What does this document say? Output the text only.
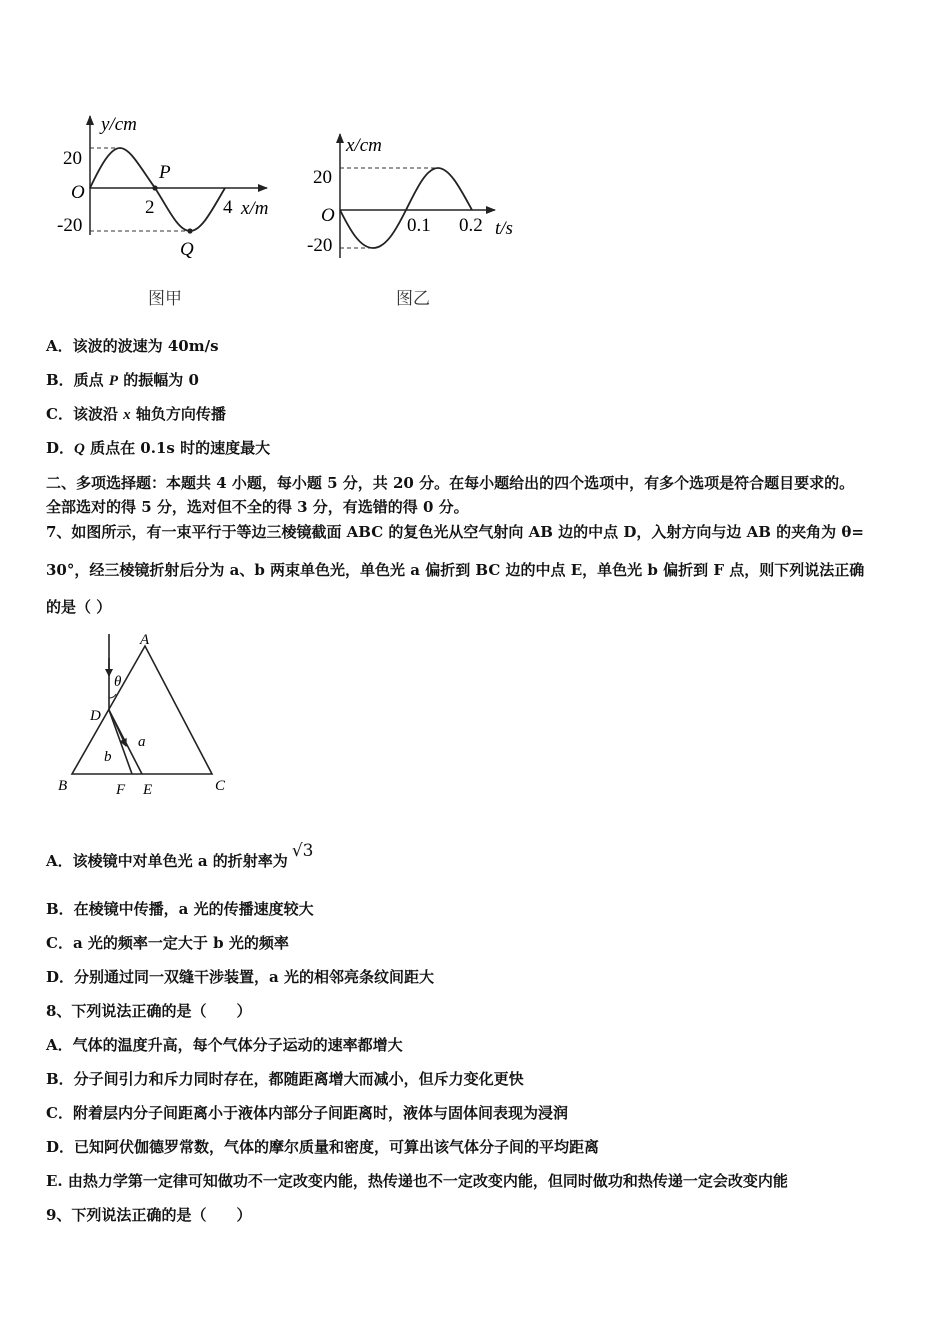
y/cm
20
O
-20
2	4 x/m
P
Q
图甲
x/cm
20
O
-20
0.1 0.2 t/s
图乙
A．该波的波速为 40m/s
B．质点 P 的振幅为 0
C．该波沿 x 轴负方向传播
D．Q 质点在 0.1s 时的速度最大
二、多项选择题：本题共 4 小题，每小题 5 分，共 20 分。在每小题给出的四个选项中，有多个选项是符合题目要求的。
全部选对的得 5 分，选对但不全的得 3 分，有选错的得 0 分。
7、如图所示，有一束平行于等边三棱镜截面 ABC 的复色光从空气射向 AB 边的中点 D，入射方向与边 AB 的夹角为 θ=
30°，经三棱镜折射后分为 a、b 两束单色光，单色光 a 偏折到 BC 边的中点 E，单色光 b 偏折到 F 点，则下列说法正确
的是（ ）
A
B	C
D
E
F
θ
a
b
A．该棱镜中对单色光 a 的折射率为 √3
B．在棱镜中传播，a 光的传播速度较大
C．a 光的频率一定大于 b 光的频率
D．分别通过同一双缝干涉装置，a 光的相邻亮条纹间距大
8、下列说法正确的是（　　）
A．气体的温度升高，每个气体分子运动的速率都增大
B．分子间引力和斥力同时存在，都随距离增大而减小，但斥力变化更快
C．附着层内分子间距离小于液体内部分子间距离时，液体与固体间表现为浸润
D．已知阿伏伽德罗常数，气体的摩尔质量和密度，可算出该气体分子间的平均距离
E. 由热力学第一定律可知做功不一定改变内能，热传递也不一定改变内能，但同时做功和热传递一定会改变内能
9、下列说法正确的是（　　）
